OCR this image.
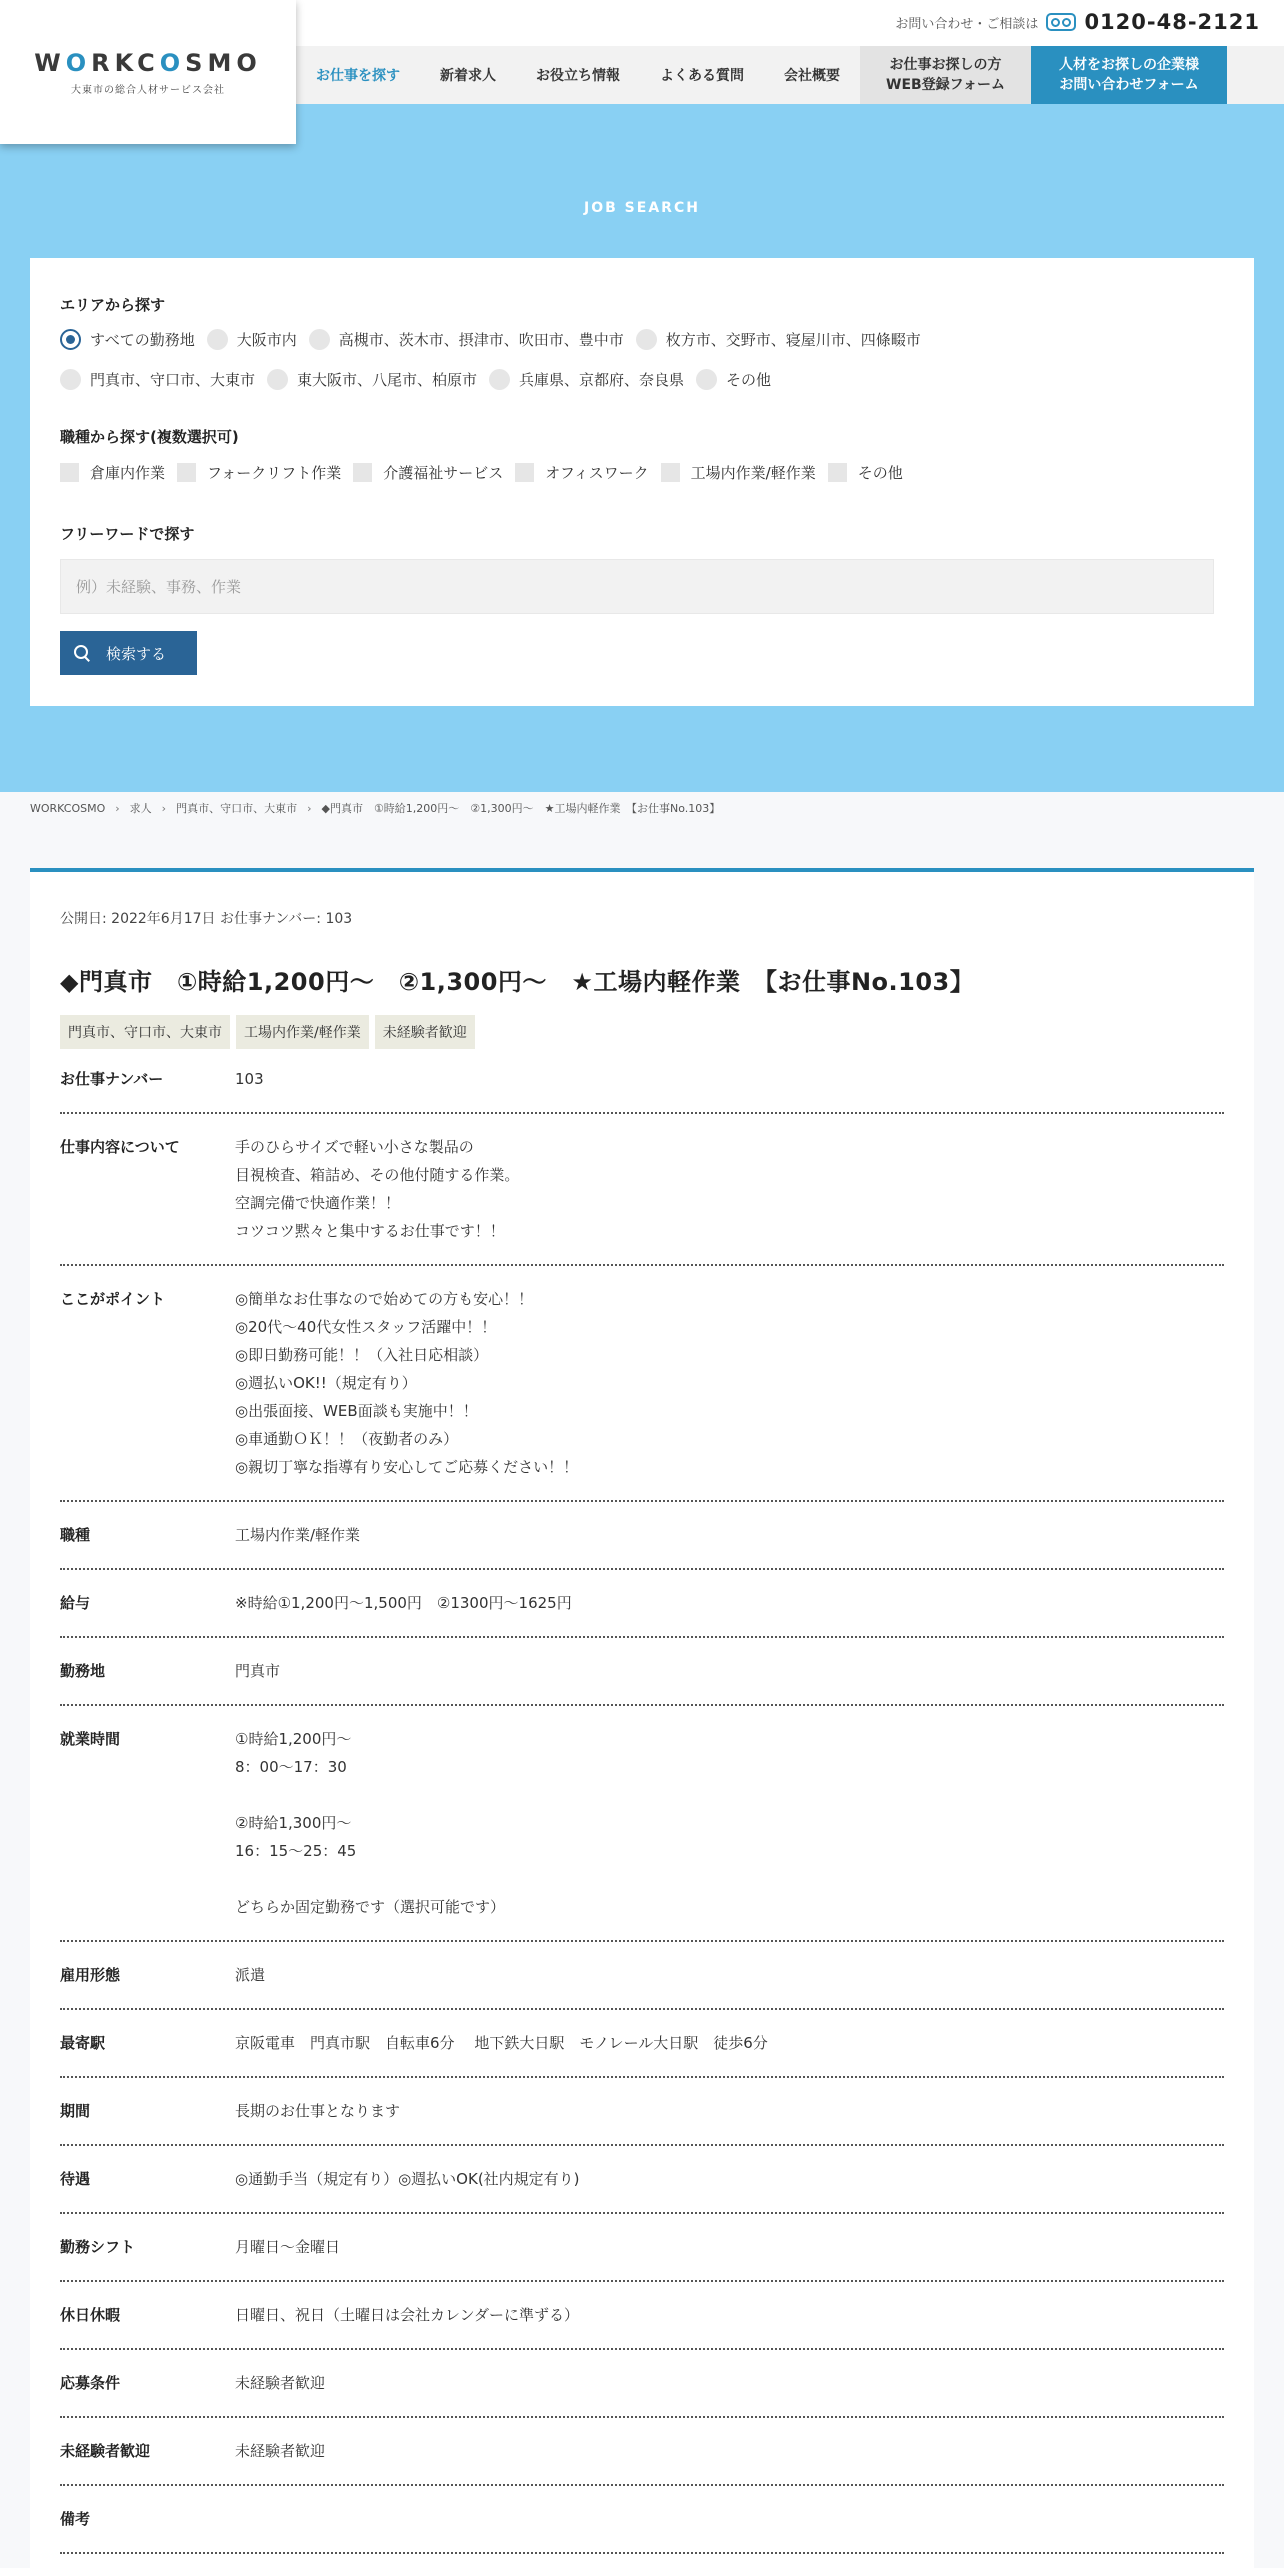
WORKCOSMO
大東市の総合人材サービス会社
お問い合わせ・ご相談は 0120-48-2121
お仕事を探す	新着求人	お役立ち情報	よくある質問	会社概要
お仕事お探しの方
WEB登録フォーム
人材をお探しの企業様
お問い合わせフォーム
JOB SEARCH
エリアから探す
すべての勤務地	大阪市内	高槻市、茨木市、摂津市、吹田市、豊中市	枚方市、交野市、寝屋川市、四條畷市
門真市、守口市、大東市	東大阪市、八尾市、柏原市	兵庫県、京都府、奈良県	その他
職種から探す(複数選択可)
倉庫内作業	フォークリフト作業	介護福祉サービス	オフィスワーク	工場内作業/軽作業	その他
フリーワードで探す
例）未経験、事務、作業
検索する
WORKCOSMO › 求人 › 門真市、守口市、大東市 › ◆門真市　①時給1,200円～　②1,300円～　★工場内軽作業　【お仕事No.103】
公開日: 2022年6月17日 お仕事ナンバー: 103
◆門真市　①時給1,200円～　②1,300円～　★工場内軽作業　【お仕事No.103】
門真市、守口市、大東市	工場内作業/軽作業	未経験者歓迎
お仕事ナンバー	103
仕事内容について	手のひらサイズで軽い小さな製品の
目視検査、箱詰め、その他付随する作業。
空調完備で快適作業！！
コツコツ黙々と集中するお仕事です！！
ここがポイント	◎簡単なお仕事なので始めての方も安心！！
◎20代～40代女性スタッフ活躍中！！
◎即日勤務可能！！（入社日応相談）
◎週払いOK!!（規定有り）
◎出張面接、WEB面談も実施中！！
◎車通勤ＯＫ！！（夜勤者のみ）
◎親切丁寧な指導有り安心してご応募ください！！
職種	工場内作業/軽作業
給与	※時給①1,200円～1,500円　②1300円～1625円
勤務地	門真市
就業時間	①時給1,200円～
8：00～17：30

②時給1,300円～
16：15～25：45

どちらか固定勤務です（選択可能です）
雇用形態	派遣
最寄駅	京阪電車　門真市駅　自転車6分　 地下鉄大日駅　モノレール大日駅　徒歩6分
期間	長期のお仕事となります
待遇	◎通勤手当（規定有り）◎週払いOK(社内規定有り)
勤務シフト	月曜日～金曜日
休日休暇	日曜日、祝日（土曜日は会社カレンダーに準ずる）
応募条件	未経験者歓迎
未経験者歓迎	未経験者歓迎
備考
